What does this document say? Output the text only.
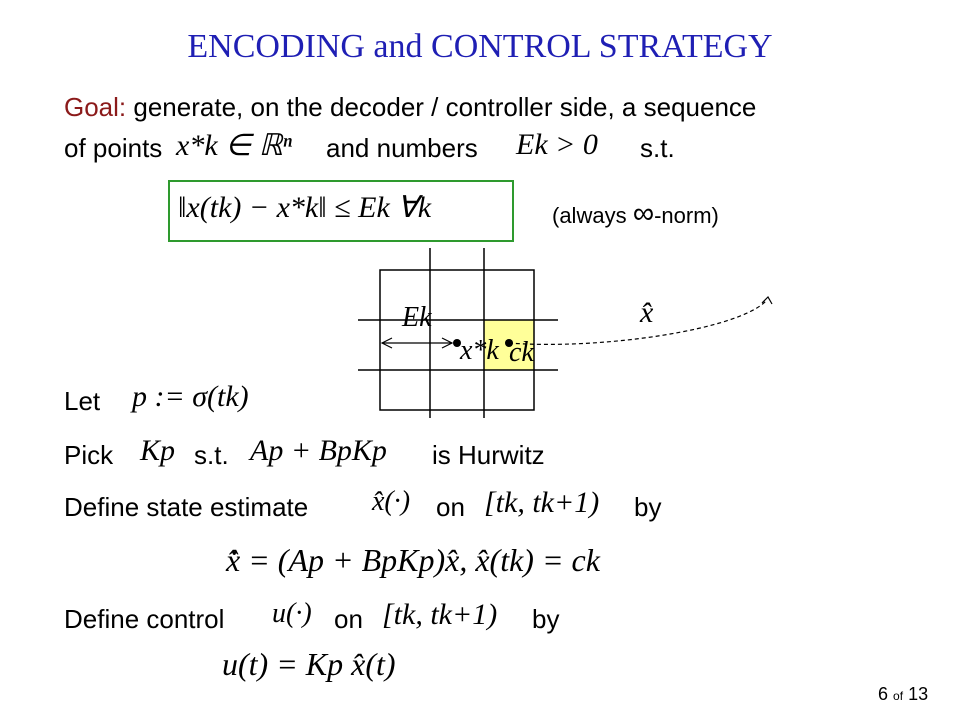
ENCODING and CONTROL STRATEGY
Goal: generate, on the decoder / controller side, a sequence
of points x*k ∈ ℝⁿ and numbers Ek > 0 s.t.
‖x(tk) − x*k‖ ≤ Ek ∀k	(always ∞-norm)
Ek
x*k ck
x̂
Let p := σ(tk)
Pick Kp s.t. Ap + BpKp is Hurwitz
Define state estimate x̂(·) on [tk, tk+1) by
x̂̇ = (Ap + BpKp)x̂, x̂(tk) = ck
Define control u(·) on [tk, tk+1) by
u(t) = Kp x̂(t)
6 of 13
